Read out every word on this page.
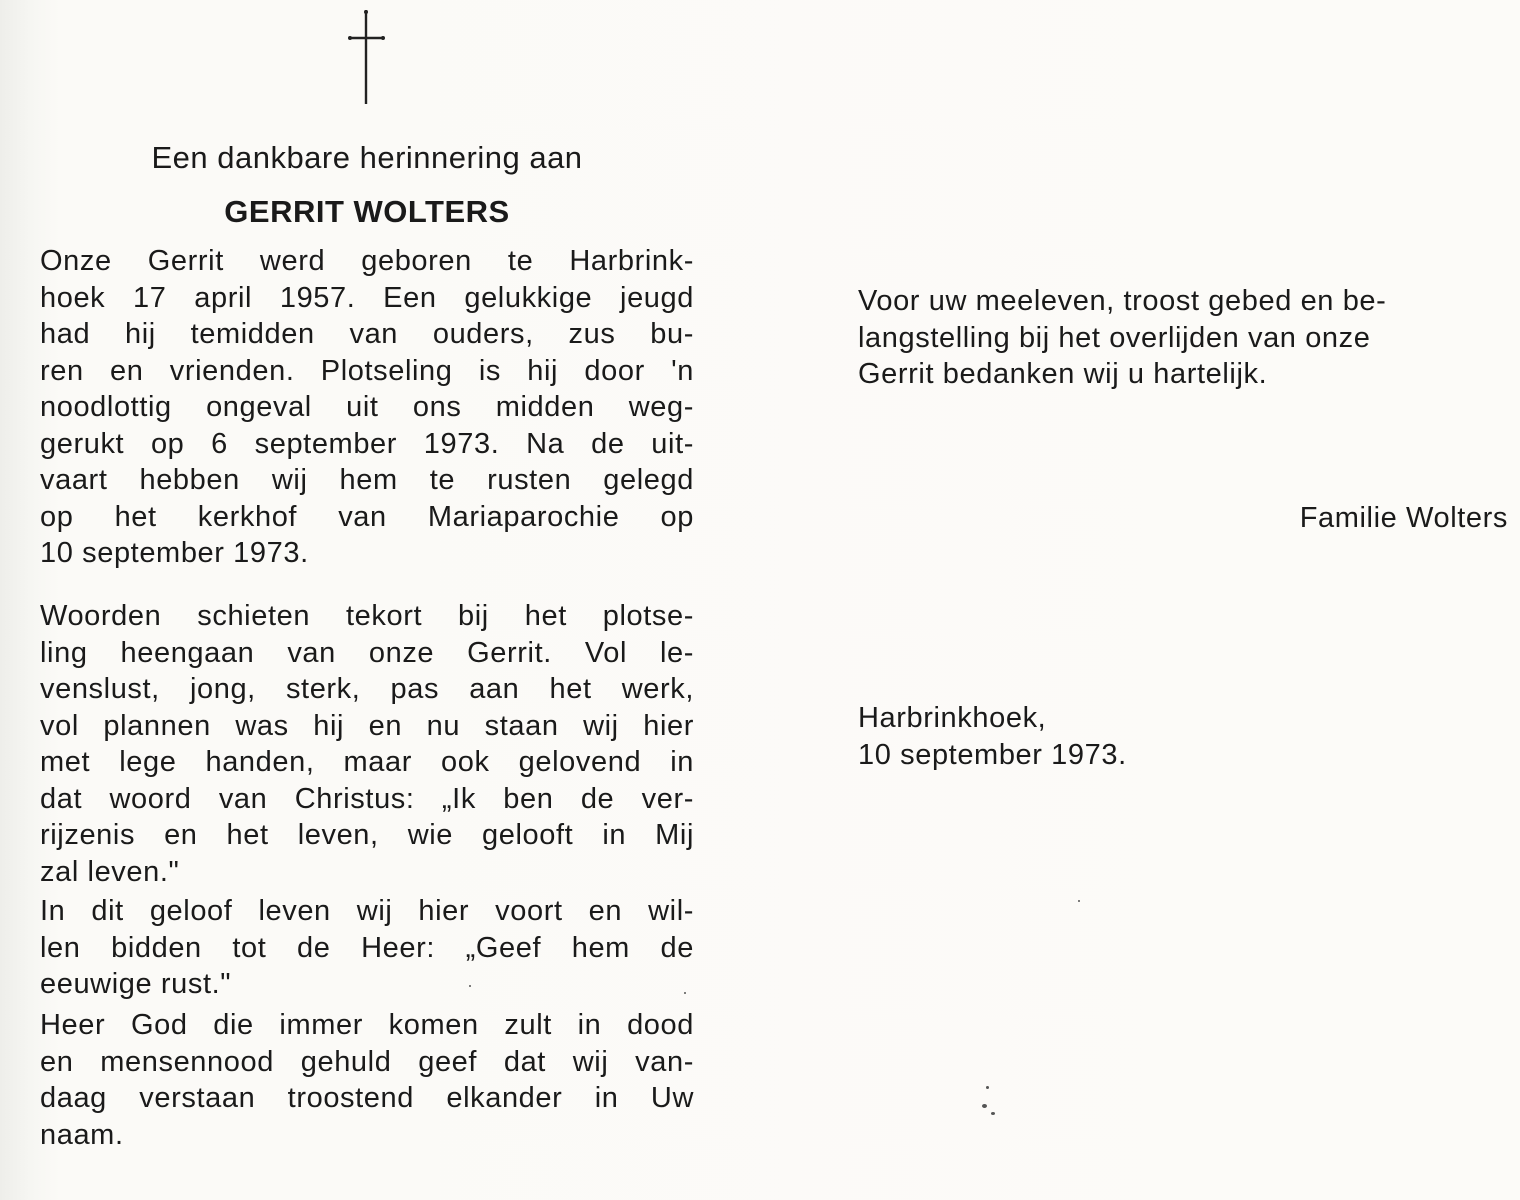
Een dankbare herinnering aan
GERRIT WOLTERS
Onze Gerrit werd geboren te Harbrink-
hoek 17 april 1957. Een gelukkige jeugd
had hij temidden van ouders, zus bu-
ren en vrienden. Plotseling is hij door 'n
noodlottig ongeval uit ons midden weg-
gerukt op 6 september 1973. Na de uit-
vaart hebben wij hem te rusten gelegd
op het kerkhof van Mariaparochie op
10 september 1973.
Woorden schieten tekort bij het plotse-
ling heengaan van onze Gerrit. Vol le-
venslust, jong, sterk, pas aan het werk,
vol plannen was hij en nu staan wij hier
met lege handen, maar ook gelovend in
dat woord van Christus: „Ik ben de ver-
rijzenis en het leven, wie gelooft in Mij
zal leven."
In dit geloof leven wij hier voort en wil-
len bidden tot de Heer: „Geef hem de
eeuwige rust."
Heer God die immer komen zult in dood
en mensennood gehuld geef dat wij van-
daag verstaan troostend elkander in Uw
naam.
Voor uw meeleven, troost gebed en be-
langstelling bij het overlijden van onze
Gerrit bedanken wij u hartelijk.
Familie Wolters
Harbrinkhoek,
10 september 1973.
